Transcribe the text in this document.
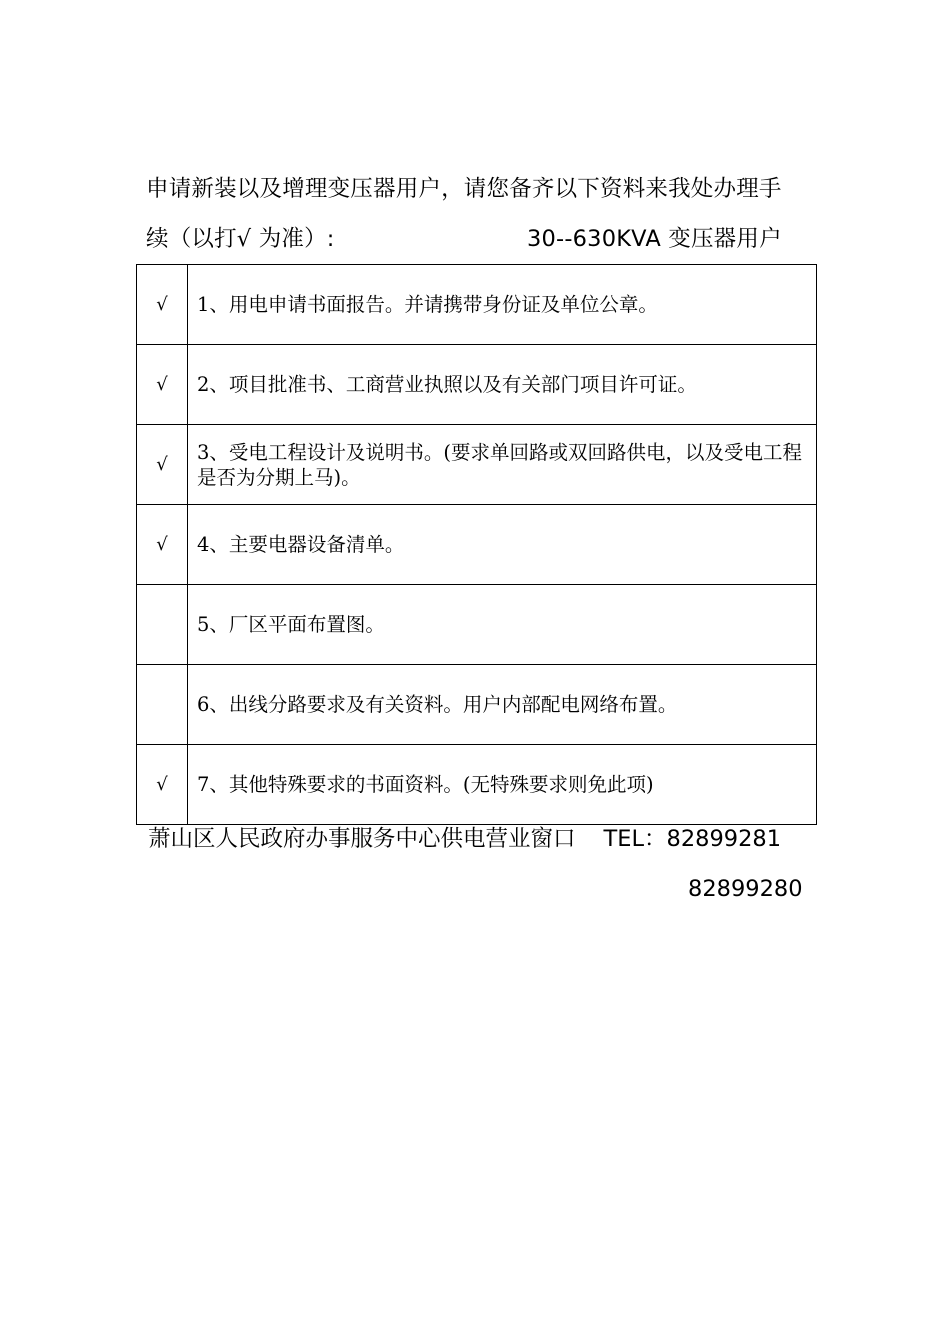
申请新装以及增理变压器用户，请您备齐以下资料来我处办理手
续（以打√ 为准）:	30--630KVA 变压器用户
√	1、用电申请书面报告。并请携带身份证及单位公章。
√	2、项目批准书、工商营业执照以及有关部门项目许可证。
√	3、受电工程设计及说明书。(要求单回路或双回路供电，以及受电工程是否为分期上马)。
√	4、主要电器设备清单。
	5、厂区平面布置图。
	6、出线分路要求及有关资料。用户内部配电网络布置。
√	7、其他特殊要求的书面资料。(无特殊要求则免此项)
萧山区人民政府办事服务中心供电营业窗口 TEL：82899281
82899280
